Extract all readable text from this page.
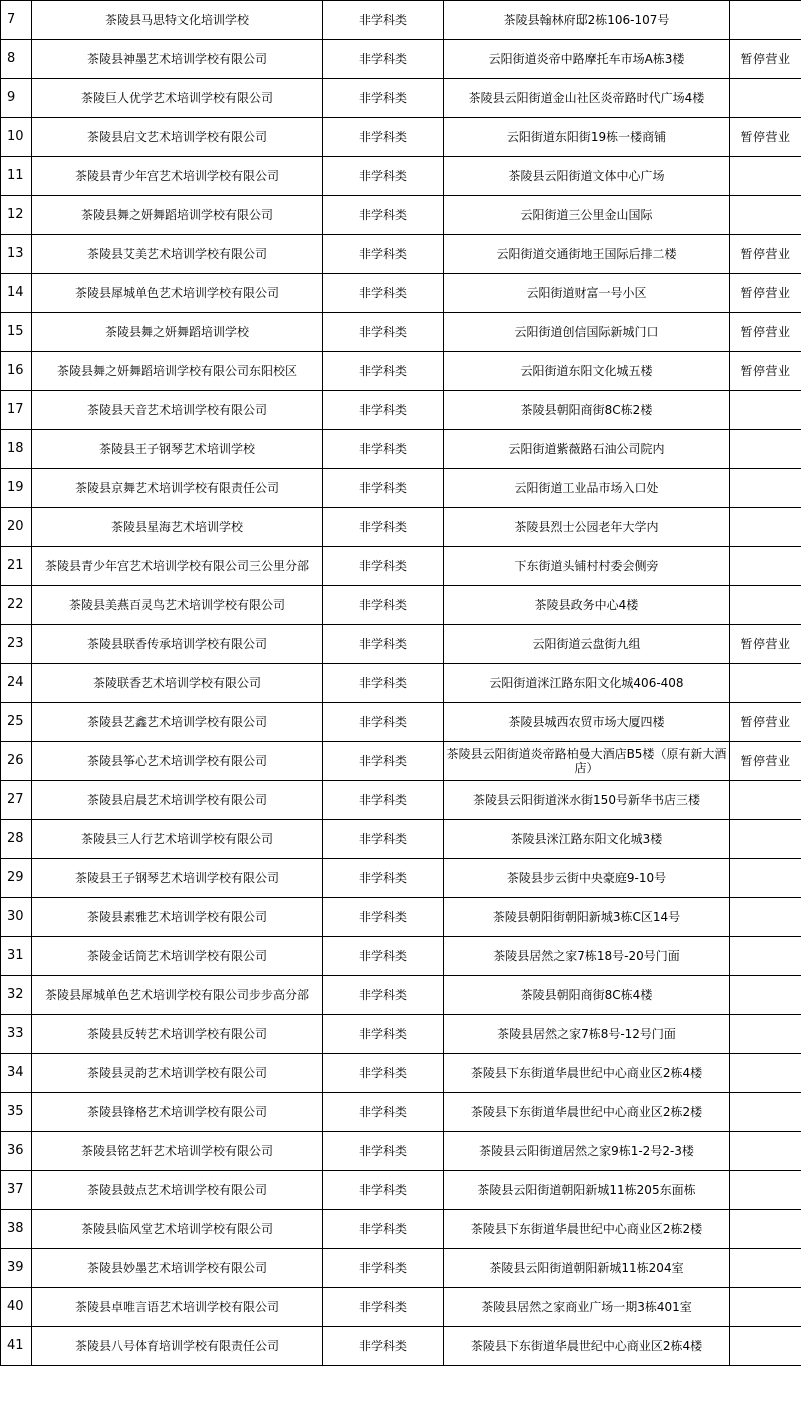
7	茶陵县马思特文化培训学校	非学科类	茶陵县翰林府邸2栋106-107号	
8	茶陵县神墨艺术培训学校有限公司	非学科类	云阳街道炎帝中路摩托车市场A栋3楼	暂停营业
9	茶陵巨人优学艺术培训学校有限公司	非学科类	茶陵县云阳街道金山社区炎帝路时代广场4楼	
10	茶陵县启文艺术培训学校有限公司	非学科类	云阳街道东阳街19栋一楼商铺	暂停营业
11	茶陵县青少年宫艺术培训学校有限公司	非学科类	茶陵县云阳街道文体中心广场	
12	茶陵县舞之妍舞蹈培训学校有限公司	非学科类	云阳街道三公里金山国际	
13	茶陵县艾美艺术培训学校有限公司	非学科类	云阳街道交通街地王国际后排二楼	暂停营业
14	茶陵县犀城单色艺术培训学校有限公司	非学科类	云阳街道财富一号小区	暂停营业
15	茶陵县舞之妍舞蹈培训学校	非学科类	云阳街道创信国际新城门口	暂停营业
16	茶陵县舞之妍舞蹈培训学校有限公司东阳校区	非学科类	云阳街道东阳文化城五楼	暂停营业
17	茶陵县天音艺术培训学校有限公司	非学科类	茶陵县朝阳商街8C栋2楼	
18	茶陵县王子钢琴艺术培训学校	非学科类	云阳街道紫薇路石油公司院内	
19	茶陵县京舞艺术培训学校有限责任公司	非学科类	云阳街道工业品市场入口处	
20	茶陵县星海艺术培训学校	非学科类	茶陵县烈士公园老年大学内	
21	茶陵县青少年宫艺术培训学校有限公司三公里分部	非学科类	下东街道头铺村村委会侧旁	
22	茶陵县美燕百灵鸟艺术培训学校有限公司	非学科类	茶陵县政务中心4楼	
23	茶陵县联香传承培训学校有限公司	非学科类	云阳街道云盘街九组	暂停营业
24	茶陵联香艺术培训学校有限公司	非学科类	云阳街道洣江路东阳文化城406-408	
25	茶陵县艺鑫艺术培训学校有限公司	非学科类	茶陵县城西农贸市场大厦四楼	暂停营业
26	茶陵县筝心艺术培训学校有限公司	非学科类	茶陵县云阳街道炎帝路柏曼大酒店B5楼（原有新大酒店）	暂停营业
27	茶陵县启晨艺术培训学校有限公司	非学科类	茶陵县云阳街道洣水街150号新华书店三楼	
28	茶陵县三人行艺术培训学校有限公司	非学科类	茶陵县洣江路东阳文化城3楼	
29	茶陵县王子钢琴艺术培训学校有限公司	非学科类	茶陵县步云街中央豪庭9-10号	
30	茶陵县素雅艺术培训学校有限公司	非学科类	茶陵县朝阳街朝阳新城3栋C区14号	
31	茶陵金话筒艺术培训学校有限公司	非学科类	茶陵县居然之家7栋18号-20号门面	
32	茶陵县犀城单色艺术培训学校有限公司步步高分部	非学科类	茶陵县朝阳商街8C栋4楼	
33	茶陵县反转艺术培训学校有限公司	非学科类	茶陵县居然之家7栋8号-12号门面	
34	茶陵县灵韵艺术培训学校有限公司	非学科类	茶陵县下东街道华晨世纪中心商业区2栋4楼	
35	茶陵县锋格艺术培训学校有限公司	非学科类	茶陵县下东街道华晨世纪中心商业区2栋2楼	
36	茶陵县铭艺轩艺术培训学校有限公司	非学科类	茶陵县云阳街道居然之家9栋1-2号2-3楼	
37	茶陵县鼓点艺术培训学校有限公司	非学科类	茶陵县云阳街道朝阳新城11栋205东面栋	
38	茶陵县临风堂艺术培训学校有限公司	非学科类	茶陵县下东街道华晨世纪中心商业区2栋2楼	
39	茶陵县妙墨艺术培训学校有限公司	非学科类	茶陵县云阳街道朝阳新城11栋204室	
40	茶陵县卓唯言语艺术培训学校有限公司	非学科类	茶陵县居然之家商业广场一期3栋401室	
41	茶陵县八号体育培训学校有限责任公司	非学科类	茶陵县下东街道华晨世纪中心商业区2栋4楼	
